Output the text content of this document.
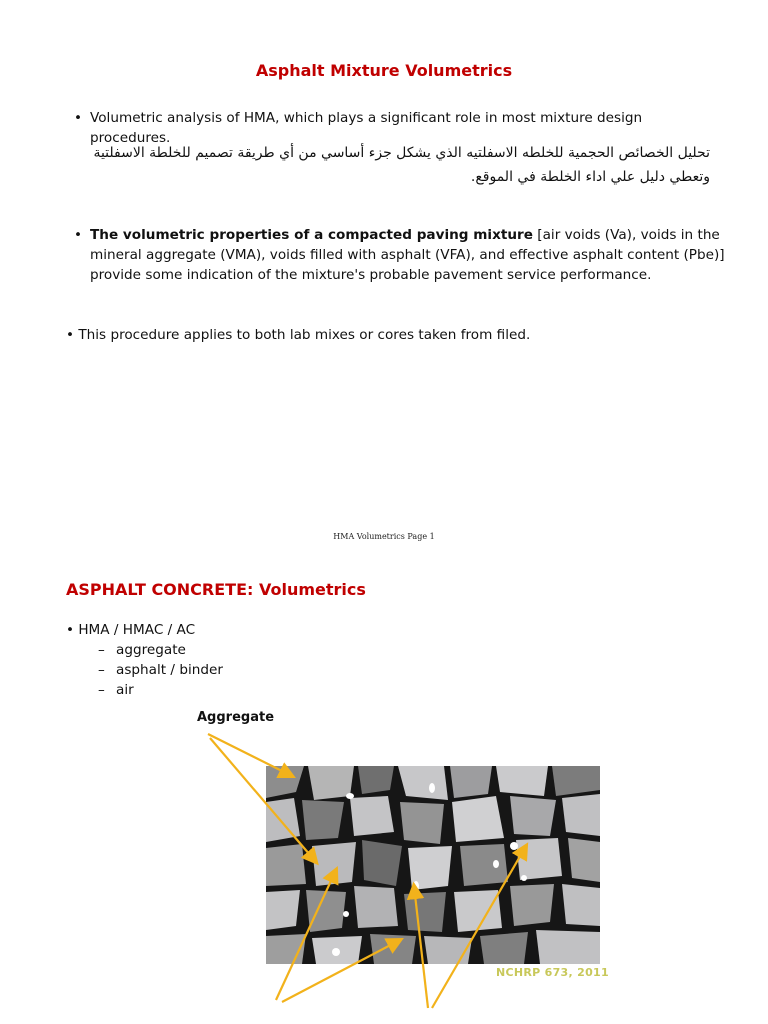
Asphalt Mixture Volumetrics
• Volumetric analysis of HMA, which plays a significant role in most mixture design procedures.
تحليل الخصائص الحجمية للخلطه الاسفلتيه الذي يشكل جزء أساسي من أي طريقة تصميم للخلطة الاسفلتية وتعطي دليل علي اداء الخلطة في الموقع.
• The volumetric properties of a compacted paving mixture [air voids (Va), voids in the mineral aggregate (VMA), voids filled with asphalt (VFA), and effective asphalt content (Pbe)] provide some indication of the mixture's probable pavement service performance.
• This procedure applies to both lab mixes or cores taken from filed.
HMA Volumetrics Page 1
ASPHALT CONCRETE: Volumetrics
• HMA / HMAC / AC
– aggregate
– asphalt / binder
– air
Aggregate
NCHRP 673, 2011
